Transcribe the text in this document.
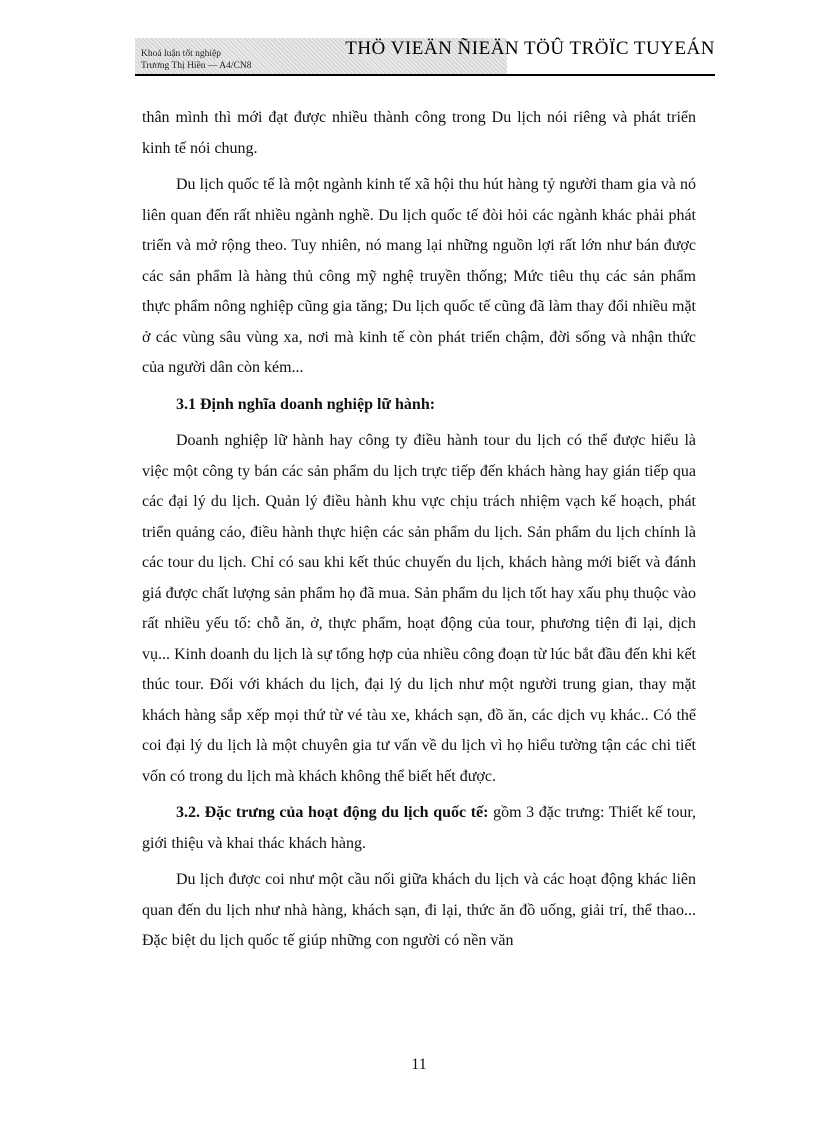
Khoá luận tốt nghiệp
Trương Thị Hiền — A4/CN8
THÖ VIEÄN ÑIEÄN TÖÛ TRÖÏC TUYEÁN

thân mình thì mới đạt được nhiều thành công trong Du lịch nói riêng và phát triển kinh tế nói chung.

Du lịch quốc tế là một ngành kinh tế xã hội thu hút hàng tỷ người tham gia và nó liên quan đến rất nhiều ngành nghề. Du lịch quốc tế đòi hỏi các ngành khác phải phát triển và mở rộng theo. Tuy nhiên, nó mang lại những nguồn lợi rất lớn như bán được các sản phẩm là hàng thủ công mỹ nghệ truyền thống; Mức tiêu thụ các sản phẩm thực phẩm nông nghiệp cũng gia tăng; Du lịch quốc tế cũng đã làm thay đổi nhiều mặt ở các vùng sâu vùng xa, nơi mà kinh tế còn phát triển chậm, đời sống và nhận thức của người dân còn kém...

3.1 Định nghĩa doanh nghiệp lữ hành:

Doanh nghiệp lữ hành hay công ty điều hành tour du lịch có thể được hiểu là việc một công ty bán các sản phẩm du lịch trực tiếp đến khách hàng hay gián tiếp qua các đại lý du lịch. Quản lý điều hành khu vực chịu trách nhiệm vạch kế hoạch, phát triển quảng cáo, điều hành thực hiện các sản phẩm du lịch. Sản phẩm du lịch chính là các tour du lịch. Chỉ có sau khi kết thúc chuyến du lịch, khách hàng mới biết và đánh giá được chất lượng sản phẩm họ đã mua. Sản phẩm du lịch tốt hay xấu phụ thuộc vào rất nhiều yếu tố: chỗ ăn, ở, thực phẩm, hoạt động của tour, phương tiện đi lại, dịch vụ... Kinh doanh du lịch là sự tổng hợp của nhiều công đoạn từ lúc bắt đầu đến khi kết thúc tour. Đối với khách du lịch, đại lý du lịch như một người trung gian, thay mặt khách hàng sắp xếp mọi thứ từ vé tàu xe, khách sạn, đồ ăn, các dịch vụ khác.. Có thể coi đại lý du lịch là một chuyên gia tư vấn về du lịch vì họ hiểu tường tận các chi tiết vốn có trong du lịch mà khách không thể biết hết được.

3.2. Đặc trưng của hoạt động du lịch quốc tế: gồm 3 đặc trưng: Thiết kế tour, giới thiệu và khai thác khách hàng.

Du lịch được coi như một cầu nối giữa khách du lịch và các hoạt động khác liên quan đến du lịch như nhà hàng, khách sạn, đi lại, thức ăn đồ uống, giải trí, thể thao... Đặc biệt du lịch quốc tế giúp những con người có nền văn

11
